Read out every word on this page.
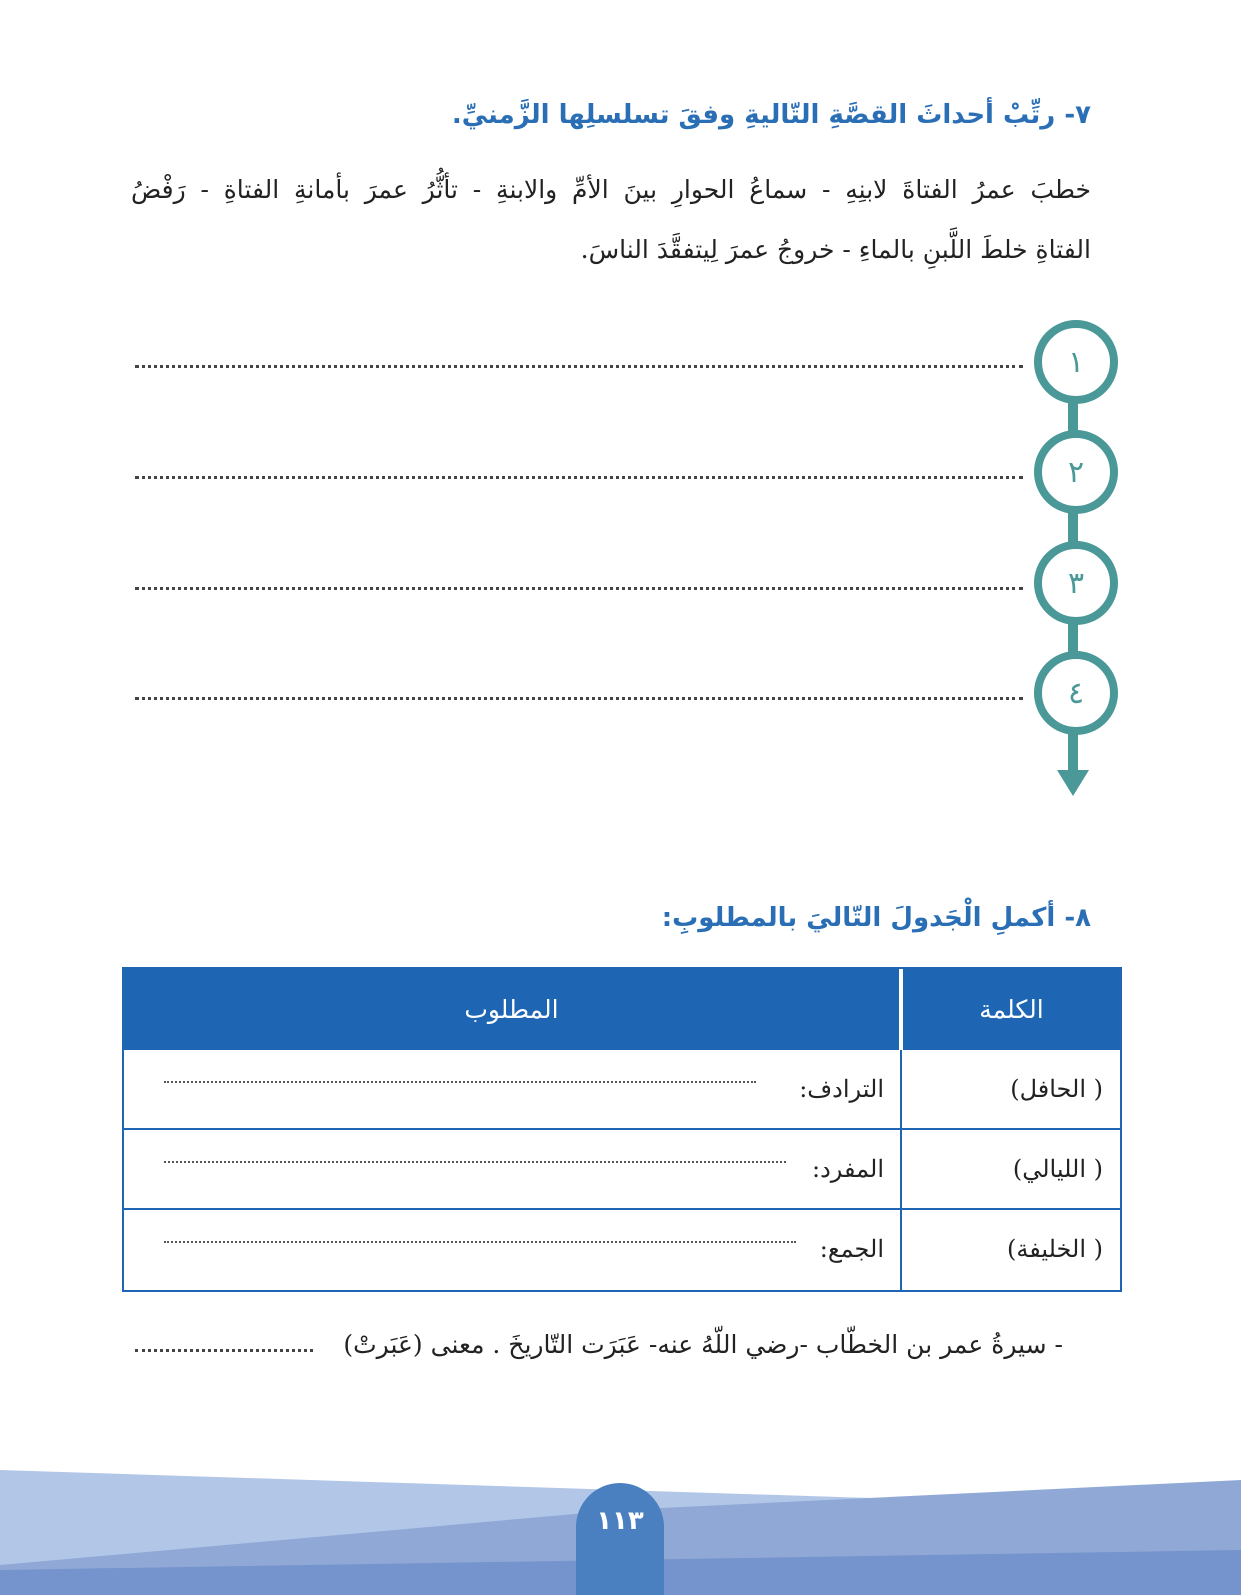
٧- رتِّبْ أحداثَ القصَّةِ التّاليةِ وفقَ تسلسلِها الزَّمنيِّ.
خطبَ عمرُ الفتاةَ لابنِهِ - سماعُ الحوارِ بينَ الأمِّ والابنةِ - تأثُّرُ عمرَ بأمانةِ الفتاةِ - رَفْضُ
الفتاةِ خلطَ اللَّبنِ بالماءِ - خروجُ عمرَ لِيتفقَّدَ الناسَ.
١
٢
٣
٤
٨- أكملِ الْجَدولَ التّاليَ بالمطلوبِ:
الكلمة
المطلوب
( الحافل)
الترادف:
( الليالي)
المفرد:
( الخليفة)
الجمع:
- سيرةُ عمر بن الخطّاب -رضي اللّهُ عنه- عَبَرَت التّاريخَ . معنى (عَبَرتْ)
١١٣
